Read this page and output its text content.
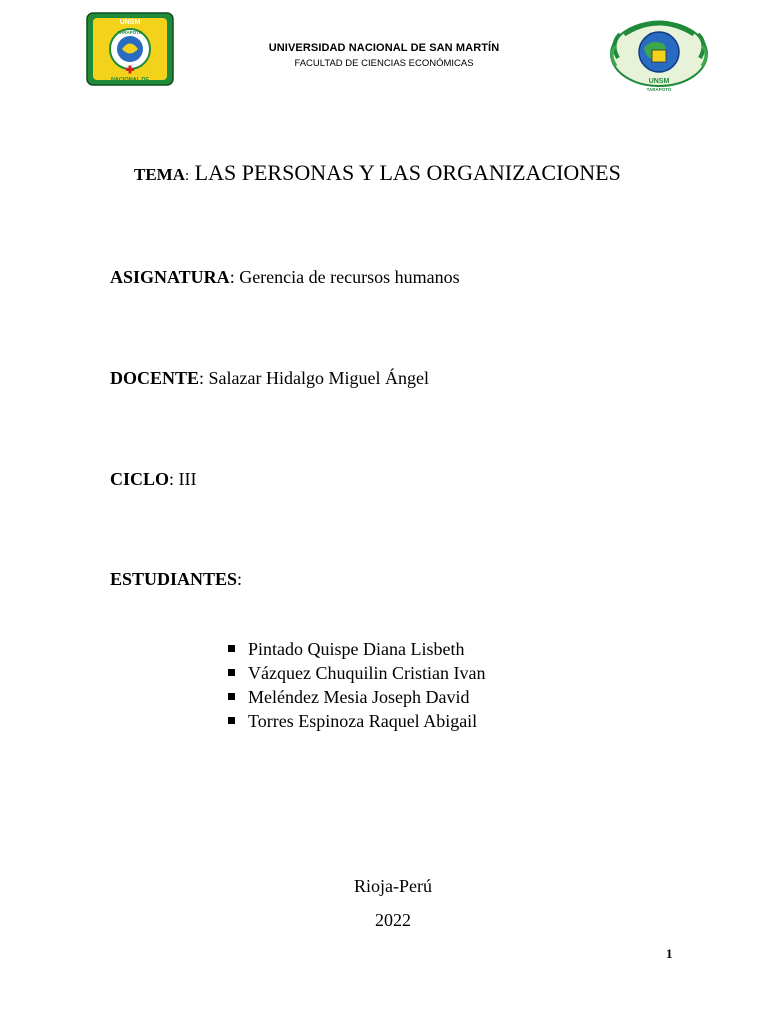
UNSM
TARAPOTO
NACIONAL DE
UNIVERSIDAD NACIONAL DE SAN MARTÍN
FACULTAD DE CIENCIAS ECONÓMICAS
UNSM
TARAPOTO
TEMA: LAS PERSONAS Y LAS ORGANIZACIONES
ASIGNATURA: Gerencia de recursos humanos
DOCENTE: Salazar Hidalgo Miguel Ángel
CICLO: III
ESTUDIANTES:
Pintado Quispe Diana Lisbeth
Vázquez Chuquilin Cristian Ivan
Meléndez Mesia Joseph David
Torres Espinoza Raquel Abigail
Rioja-Perú
2022
1
